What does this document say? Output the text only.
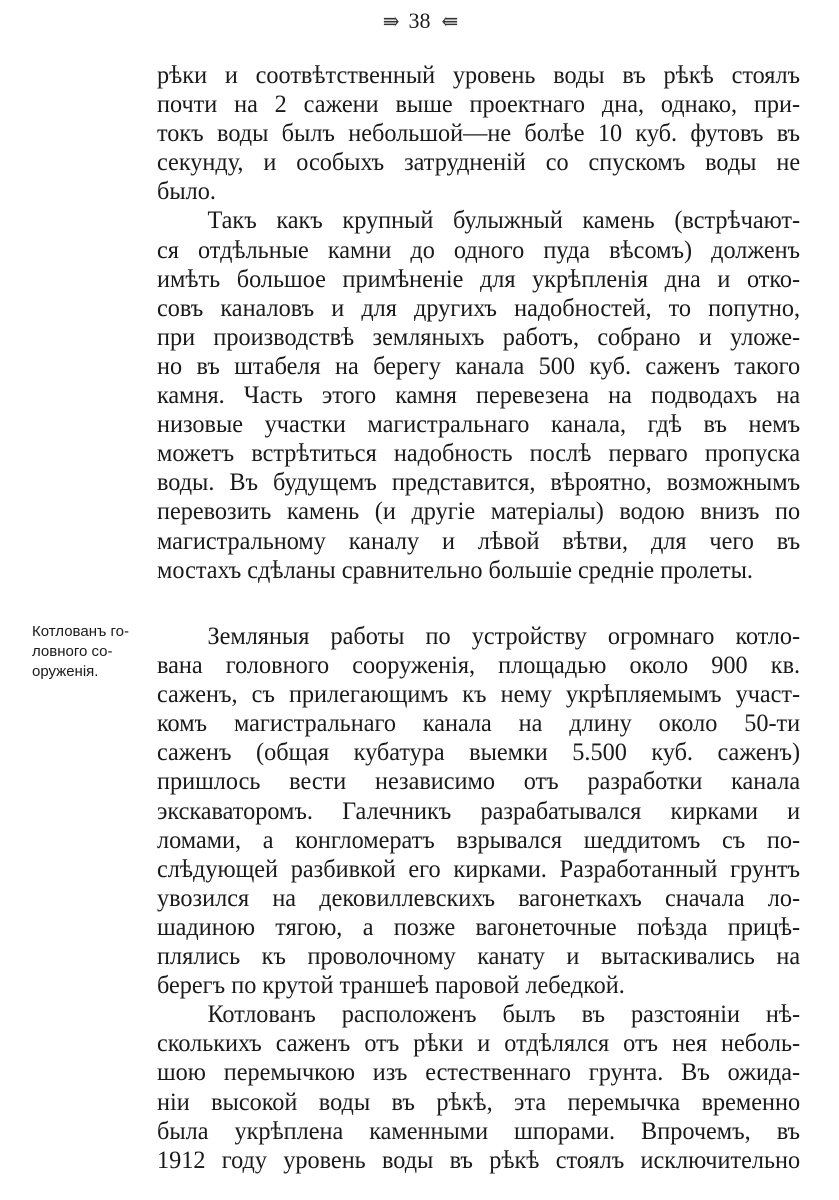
⇛ 38 ⇚
рѣки и соотвѣтственный уровень воды въ рѣкѣ стоялъ
почти на 2 сажени выше проектнаго дна, однако, при-
токъ воды былъ небольшой—не болѣе 10 куб. футовъ въ
секунду, и особыхъ затрудненій со спускомъ воды не
было.
Такъ какъ крупный булыжный камень (встрѣчают-
ся отдѣльные камни до одного пуда вѣсомъ) долженъ
имѣть большое примѣненіе для укрѣпленія дна и отко-
совъ каналовъ и для другихъ надобностей, то попутно,
при производствѣ земляныхъ работъ, собрано и уложе-
но въ штабеля на берегу канала 500 куб. саженъ такого
камня. Часть этого камня перевезена на подводахъ на
низовые участки магистральнаго канала, гдѣ въ немъ
можетъ встрѣтиться надобность послѣ перваго пропуска
воды. Въ будущемъ представится, вѣроятно, возможнымъ
перевозить камень (и другіе матеріалы) водою внизъ по
магистральному каналу и лѣвой вѣтви, для чего въ
мостахъ сдѣланы сравнительно большіе средніе пролеты.
Котлованъ го-
ловного со-
оруженія.
Земляныя работы по устройству огромнаго котло-
вана головного сооруженія, площадью около 900 кв.
саженъ, съ прилегающимъ къ нему укрѣпляемымъ участ-
комъ магистральнаго канала на длину около 50-ти
саженъ (общая кубатура выемки 5.500 куб. саженъ)
пришлось вести независимо отъ разработки канала
экскаваторомъ. Галечникъ разрабатывался кирками и
ломами, а конгломератъ взрывался шеддитомъ съ по-
слѣдующей разбивкой его кирками. Разработанный грунтъ
увозился на дековиллевскихъ вагонеткахъ сначала ло-
шадиною тягою, а позже вагонеточные поѣзда прицѣ-
плялись къ проволочному канату и вытаскивались на
берегъ по крутой траншеѣ паровой лебедкой.
Котлованъ расположенъ былъ въ разстояніи нѣ-
сколькихъ саженъ отъ рѣки и отдѣлялся отъ нея неболь-
шою перемычкою изъ естественнаго грунта. Въ ожида-
ніи высокой воды въ рѣкѣ, эта перемычка временно
была укрѣплена каменными шпорами. Впрочемъ, въ
1912 году уровень воды въ рѣкѣ стоялъ исключительно
